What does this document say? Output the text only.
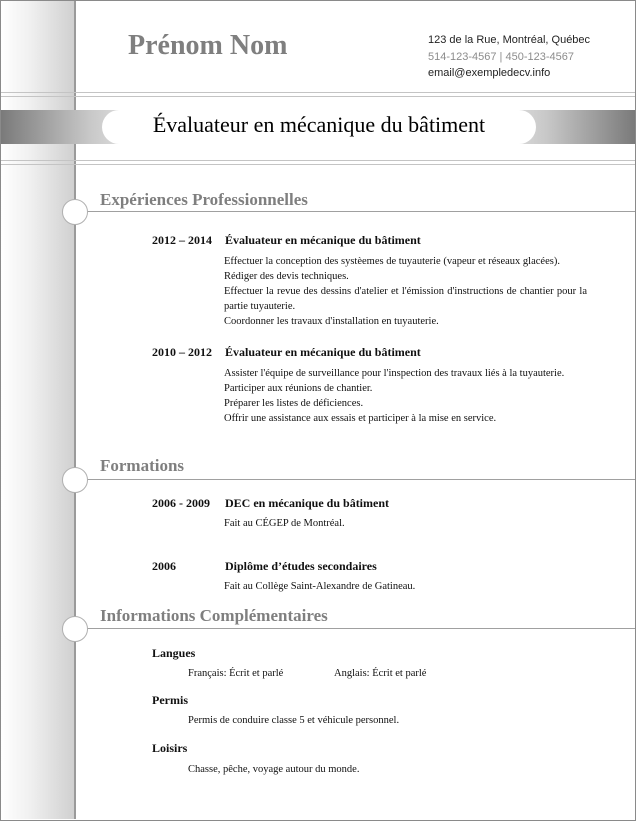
Prénom Nom	123 de la Rue, Montréal, Québec
514-123-4567 | 450-123-4567
email@exempledecv.info
Évaluateur en mécanique du bâtiment
Expériences Professionnelles
2012 – 2014 Évaluateur en mécanique du bâtiment

Effectuer la conception des systèemes de tuyauterie (vapeur et réseaux glacées).

Rédiger des devis techniques.

Effectuer la revue des dessins d'atelier et l'émission d'instructions de chantier pour la partie tuyauterie.

Coordonner les travaux d'installation en tuyauterie.

2010 – 2012 Évaluateur en mécanique du bâtiment

Assister l'équipe de surveillance pour l'inspection des travaux liés à la tuyauterie.

Participer aux réunions de chantier.

Préparer les listes de déficiences.

Offrir une assistance aux essais et participer à la mise en service.

Formations
2006 - 2009 DEC en mécanique du bâtiment
Fait au CÉGEP de Montréal.
2006	Diplôme d’études secondaires
Fait au Collège Saint-Alexandre de Gatineau.
Informations Complémentaires
Langues
Français: Écrit et parlé	Anglais: Écrit et parlé
Permis
Permis de conduire classe 5 et véhicule personnel.
Loisirs
Chasse, pêche, voyage autour du monde.
